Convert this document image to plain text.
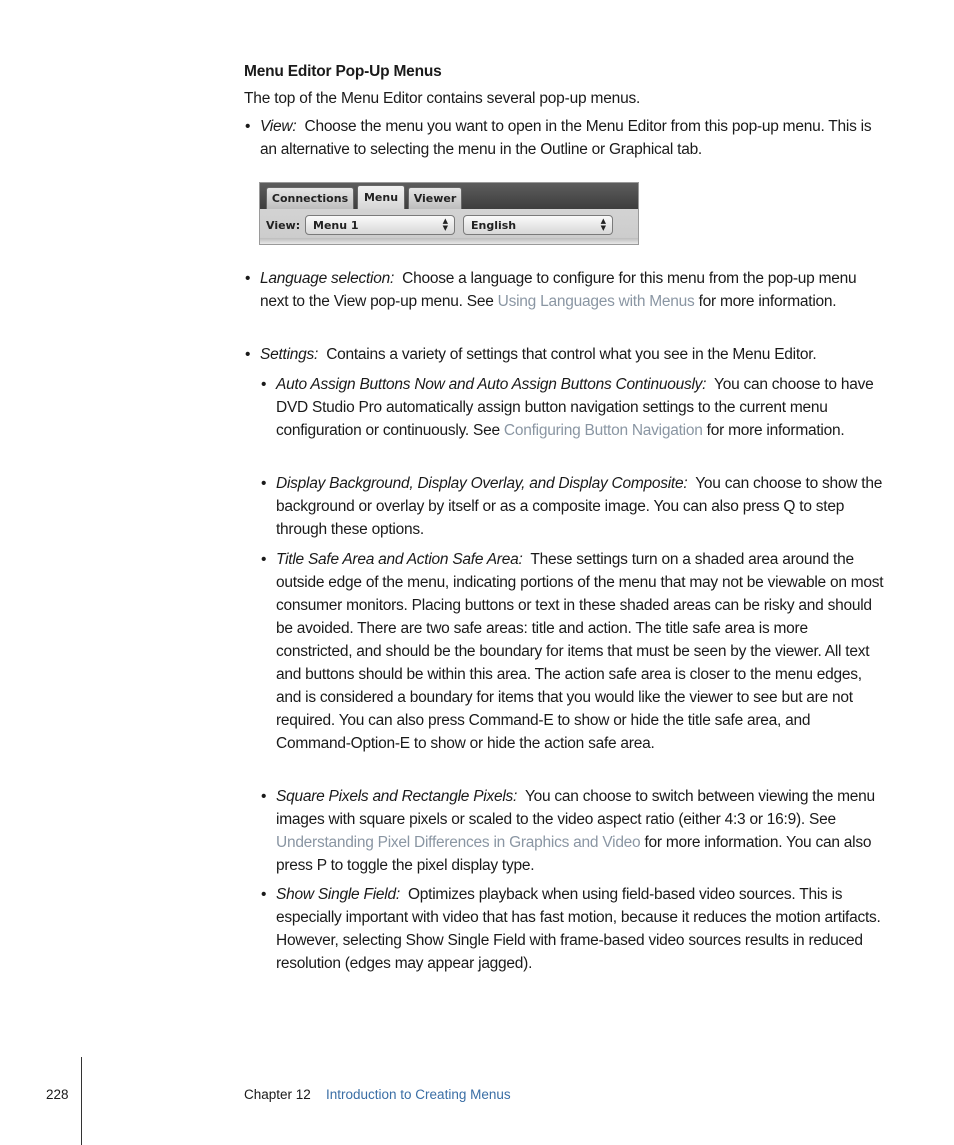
Menu Editor Pop-Up Menus
The top of the Menu Editor contains several pop-up menus.
• View: Choose the menu you want to open in the Menu Editor from this pop-up menu. This is an alternative to selecting the menu in the Outline or Graphical tab.
Connections	Menu	Viewer
View: Menu 1	▲
▼ English	▲
▼
• Language selection: Choose a language to configure for this menu from the pop-up menu next to the View pop-up menu. See Using Languages with Menus for more information.
• Settings: Contains a variety of settings that control what you see in the Menu Editor.
• Auto Assign Buttons Now and Auto Assign Buttons Continuously: You can choose to have DVD Studio Pro automatically assign button navigation settings to the current menu configuration or continuously. See Configuring Button Navigation for more information.
• Display Background, Display Overlay, and Display Composite: You can choose to show the background or overlay by itself or as a composite image. You can also press Q to step through these options.
• Title Safe Area and Action Safe Area: These settings turn on a shaded area around the outside edge of the menu, indicating portions of the menu that may not be viewable on most consumer monitors. Placing buttons or text in these shaded areas can be risky and should be avoided. There are two safe areas: title and action. The title safe area is more constricted, and should be the boundary for items that must be seen by the viewer. All text and buttons should be within this area. The action safe area is closer to the menu edges, and is considered a boundary for items that you would like the viewer to see but are not required. You can also press Command-E to show or hide the title safe area, and Command-Option-E to show or hide the action safe area.
• Square Pixels and Rectangle Pixels: You can choose to switch between viewing the menu images with square pixels or scaled to the video aspect ratio (either 4:3 or 16:9). See Understanding Pixel Differences in Graphics and Video for more information. You can also press P to toggle the pixel display type.
• Show Single Field: Optimizes playback when using field-based video sources. This is especially important with video that has fast motion, because it reduces the motion artifacts. However, selecting Show Single Field with frame-based video sources results in reduced resolution (edges may appear jagged).
228	Chapter 12 Introduction to Creating Menus
